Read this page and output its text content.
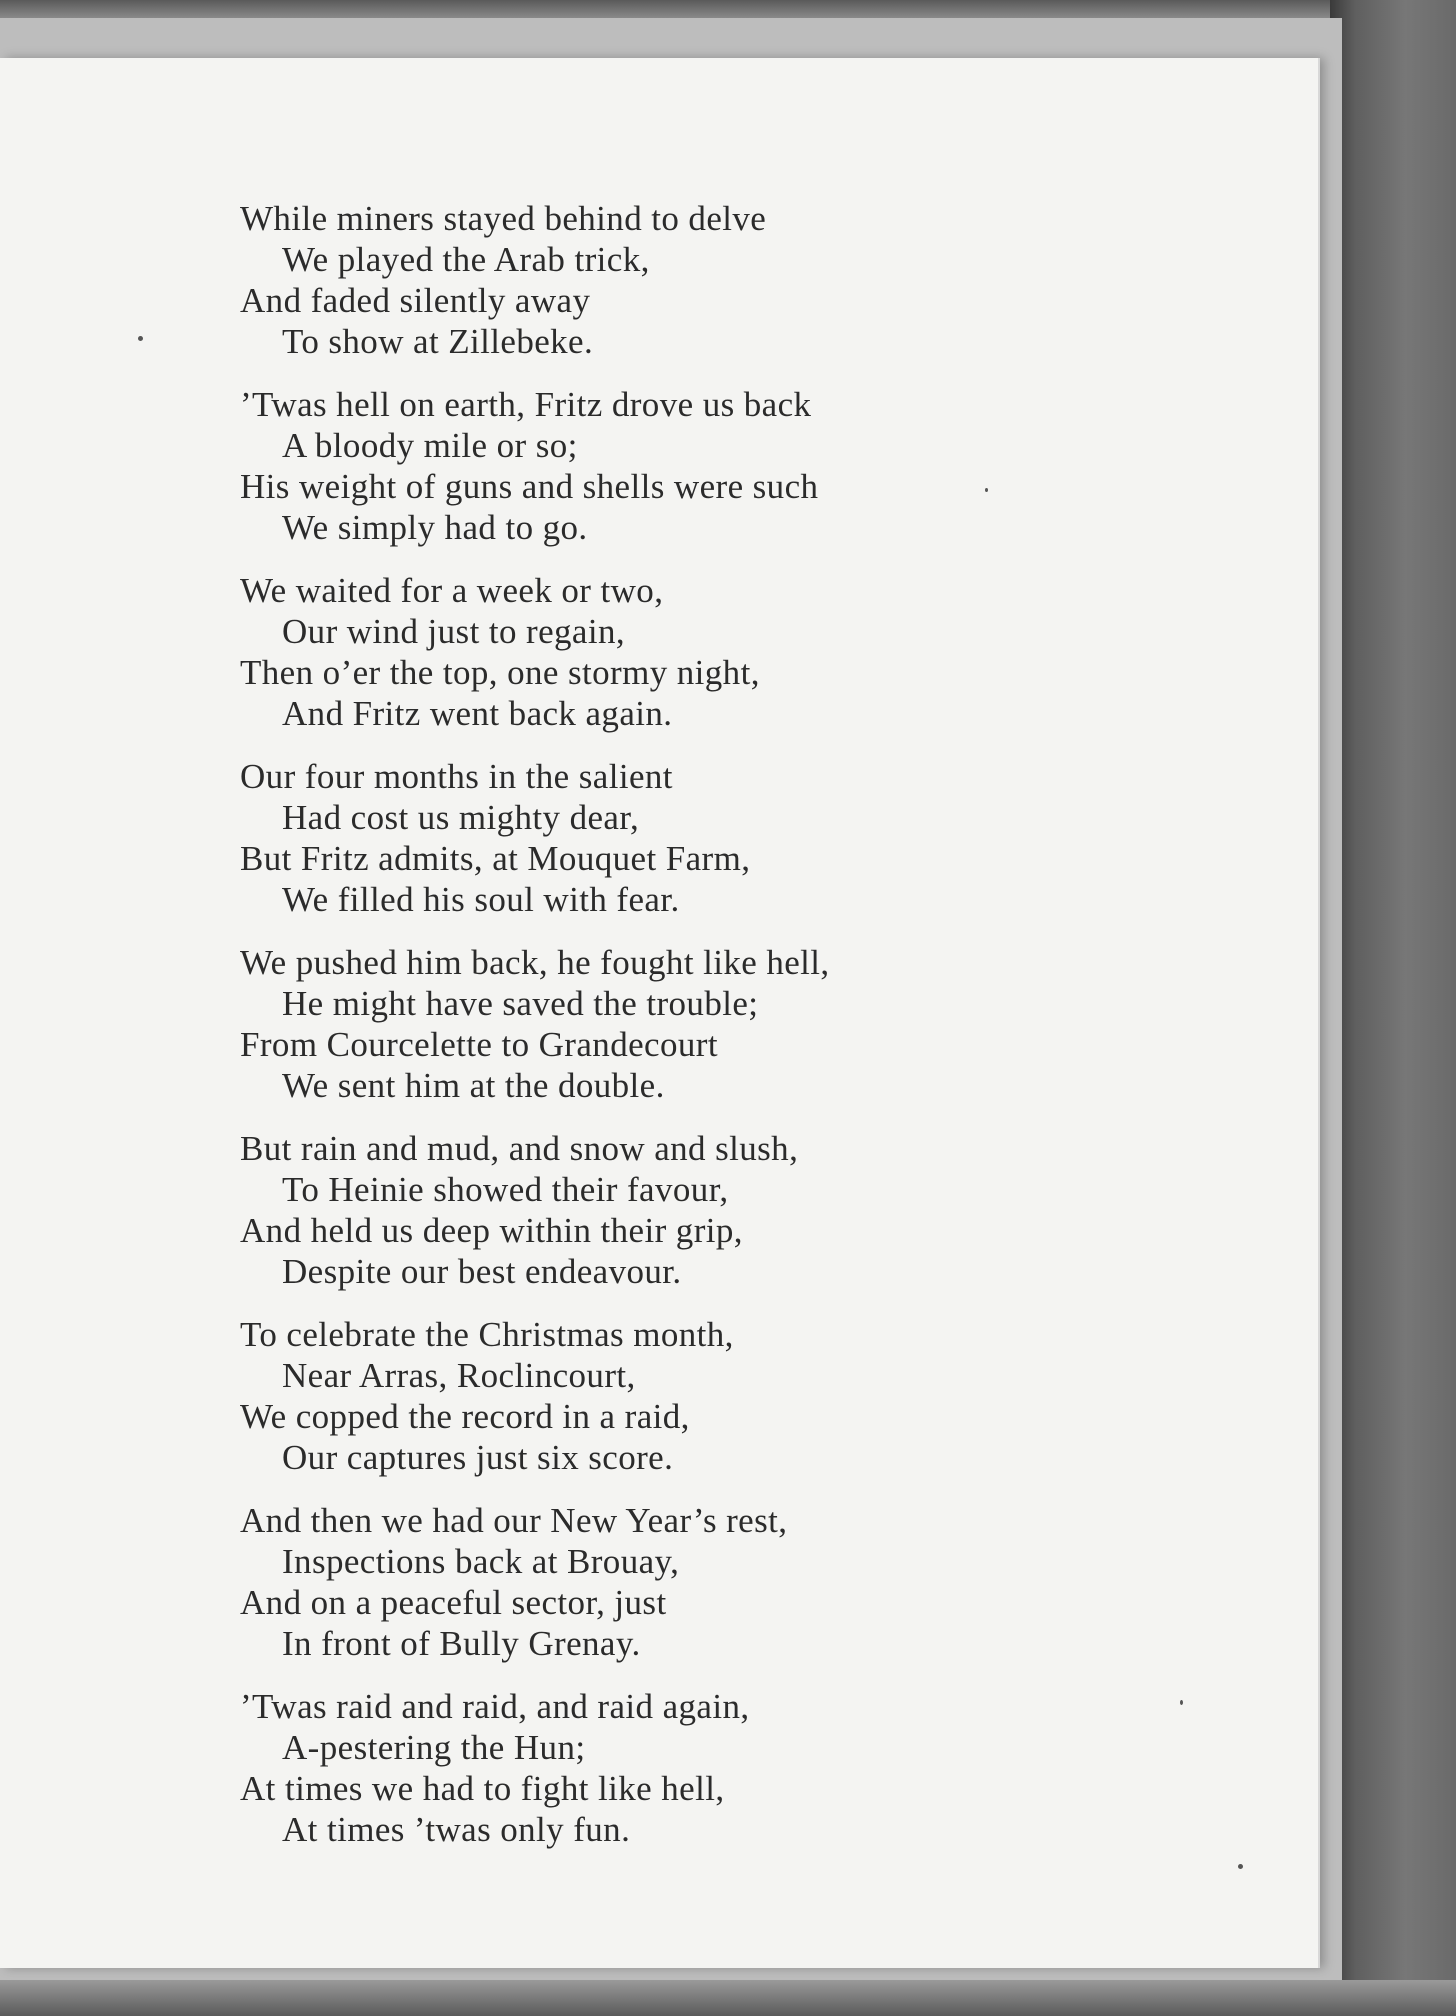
While miners stayed behind to delve
We played the Arab trick,
And faded silently away
To show at Zillebeke.
’Twas hell on earth, Fritz drove us back
A bloody mile or so;
His weight of guns and shells were such
We simply had to go.
We waited for a week or two,
Our wind just to regain,
Then o’er the top, one stormy night,
And Fritz went back again.
Our four months in the salient
Had cost us mighty dear,
But Fritz admits, at Mouquet Farm,
We filled his soul with fear.
We pushed him back, he fought like hell,
He might have saved the trouble;
From Courcelette to Grandecourt
We sent him at the double.
But rain and mud, and snow and slush,
To Heinie showed their favour,
And held us deep within their grip,
Despite our best endeavour.
To celebrate the Christmas month,
Near Arras, Roclincourt,
We copped the record in a raid,
Our captures just six score.
And then we had our New Year’s rest,
Inspections back at Brouay,
And on a peaceful sector, just
In front of Bully Grenay.
’Twas raid and raid, and raid again,
A-pestering the Hun;
At times we had to fight like hell,
At times ’twas only fun.
